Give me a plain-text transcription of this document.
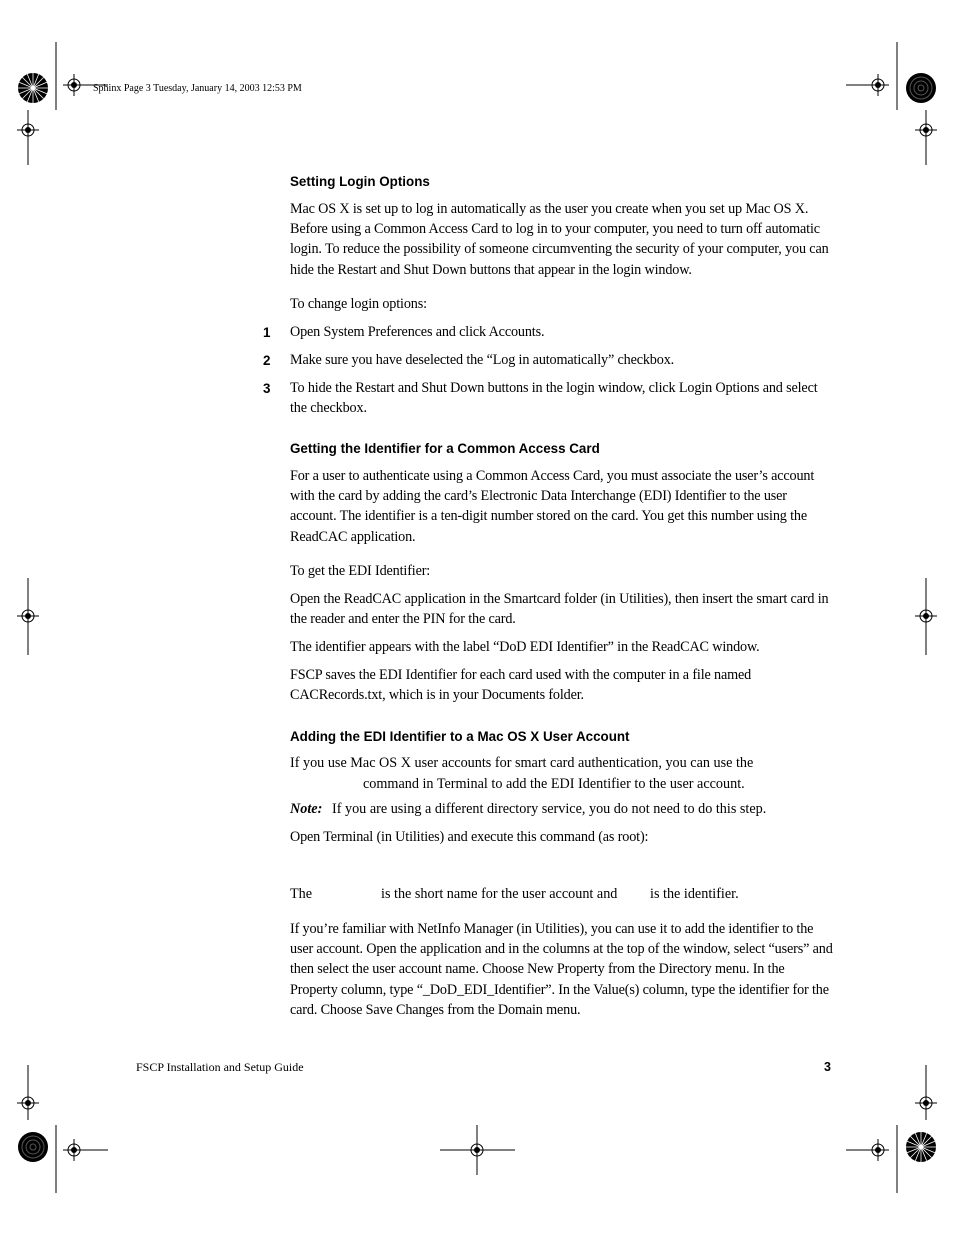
Sphinx Page 3 Tuesday, January 14, 2003 12:53 PM
Setting Login Options

Mac OS X is set up to log in automatically as the user you create when you set up Mac OS X. Before using a Common Access Card to log in to your computer, you need to turn off automatic login. To reduce the possibility of someone circumventing the security of your computer, you can hide the Restart and Shut Down buttons that appear in the login window.

To change login options:

1 Open System Preferences and click Accounts.

2 Make sure you have deselected the “Log in automatically” checkbox.

3 To hide the Restart and Shut Down buttons in the login window, click Login Options and select the checkbox.

Getting the Identifier for a Common Access Card

For a user to authenticate using a Common Access Card, you must associate the user’s account with the card by adding the card’s Electronic Data Interchange (EDI) Identifier to the user account. The identifier is a ten-digit number stored on the card. You get this number using the ReadCAC application.

To get the EDI Identifier:

Open the ReadCAC application in the Smartcard folder (in Utilities), then insert the smart card in the reader and enter the PIN for the card.

The identifier appears with the label “DoD EDI Identifier” in the ReadCAC window.

FSCP saves the EDI Identifier for each card used with the computer in a file named CACRecords.txt, which is in your Documents folder.

Adding the EDI Identifier to a Mac OS X User Account
If you use Mac OS X user accounts for smart card authentication, you can use the
command in Terminal to add the EDI Identifier to the user account.
Note: If you are using a different directory service, you do not need to do this step.

Open Terminal (in Utilities) and execute this command (as root):

The	is the short name for the user account and is the identifier.

If you’re familiar with NetInfo Manager (in Utilities), you can use it to add the identifier to the user account. Open the application and in the columns at the top of the window, select “users” and then select the user account name. Choose New Property from the Directory menu. In the Property column, type “_DoD_EDI_Identifier”. In the Value(s) column, type the identifier for the card. Choose Save Changes from the Domain menu.

FSCP Installation and Setup Guide	3
